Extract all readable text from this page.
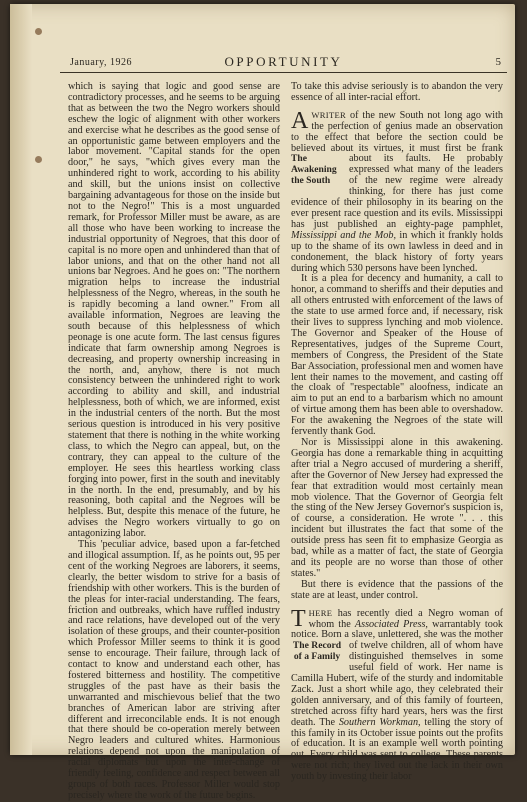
January, 1926	OPPORTUNITY	5

which is saying that logic and good sense are contradictory processes, and he seems to be arguing that as between the two the Negro workers should eschew the logic of alignment with other workers and exercise what he describes as the good sense of an opportunistic game between employers and the labor movement. "Capital stands for the open door," he says, "which gives every man the unhindered right to work, according to his ability and skill, but the unions insist on collective bargaining advantageous for those on the inside but not to the Negro!" This is a most unguarded remark, for Professor Miller must be aware, as are all those who have been working to increase the industrial opportunity of Negroes, that this door of capital is no more open and unhindered than that of labor unions, and that on the other hand not all unions bar Negroes. And he goes on: "The northern migration helps to increase the industrial helplessness of the Negro, whereas, in the south he is rapidly becoming a land owner." From all available information, Negroes are leaving the south because of this helplessness of which peonage is one acute form. The last census figures indicate that farm ownership among Negroes is decreasing, and property ownership increasing in the north, and, anyhow, there is not much consistency between the unhindered right to work according to ability and skill, and industrial helplessness, both of which, we are informed, exist in the industrial centers of the north. But the most serious question is introduced in his very positive statement that there is nothing in the white working class, to which the Negro can appeal, but, on the contrary, they can appeal to the culture of the employer. He sees this heartless working class forging into power, first in the south and inevitably in the north. In the end, presumably, and by his reasoning, both capital and the Negroes will be helpless. But, despite this menace of the future, he advises the Negro workers virtually to go on antagonizing labor.

This 'peculiar advice, based upon a far-fetched and illogical assumption. If, as he points out, 95 per cent of the working Negroes are laborers, it seems, clearly, the better wisdom to strive for a basis of friendship with other workers. This is the burden of the pleas for inter-racial understanding. The fears, friction and outbreaks, which have ruffled industry and race relations, have developed out of the very isolation of these groups, and their counter-position which Professor Miller seems to think it is good sense to encourage. Their failure, through lack of contact to know and understand each other, has fostered bitterness and hostility. The competitive struggles of the past have as their basis the unwarranted and mischievous belief that the two branches of American labor are striving after different and irreconcilable ends. It is not enough that there should be co-operation merely between Negro leaders and cultured whites. Harmonious relations depend not upon the manipulation of racial diplomats but upon the inter-change of friendly feeling, confidence and respect between all groups of both races. Professor Miller would stop precisely where the work of the future begins.

To take this advise seriously is to abandon the very essence of all inter-racial effort.

A WRITER of the new South not long ago with the perfection of genius made an observation to the effect that before the section could be believed about its virtues, it must first be frank about its faults.
The Awakening the South
He probably expressed what many of the leaders of the new regime were already thinking, for there has just come evidence of their philosophy in its bearing on the ever present race question and its evils. Mississippi has just published an eighty-page pamphlet, Mississippi and the Mob, in which it frankly holds up to the shame of its own lawless in deed and in condonement, the black history of forty years during which 530 persons have been lynched.

It is a plea for decency and humanity, a call to honor, a command to sheriffs and their deputies and all others entrusted with enforcement of the laws of the state to use armed force and, if necessary, risk their lives to suppress lynching and mob violence. The Governor and Speaker of the House of Representatives, judges of the Supreme Court, members of Congress, the President of the State Bar Association, professional men and women have lent their names to the movement, and casting off the cloak of "respectable" aloofness, indicate an aim to put an end to a barbarism which no amount of virtue among them has been able to overshadow. For the awakening the Negroes of the state will fervently thank God.

Nor is Mississippi alone in this awakening. Georgia has done a remarkable thing in acquitting after trial a Negro accused of murdering a sheriff, after the Governor of New Jersey had expressed the fear that extradition would most certainly mean mob violence. That the Governor of Georgia felt the sting of the New Jersey Governor's suspicion is, of course, a consideration. He wrote ". . . this incident but illustrates the fact that some of the outside press has seen fit to emphasize Georgia as bad, while as a matter of fact, the state of Georgia and its people are no worse than those of other states."

But there is evidence that the passions of the state are at least, under control.

T HERE has recently died a Negro woman of whom the Associated Press, warrantably took notice. Born a slave, unlettered, she was the mother of twelve children, all of
The Record of a Family
whom have distinguished themselves in some useful field of work. Her name is Camilla Hubert, wife of the sturdy and indomitable Zack. Just a short while ago, they celebrated their golden anniversary, and of this family of fourteen, stretched across fifty hard years, hers was the first death. The Southern Workman, telling the story of this family in its October issue points out the profits of education. It is an example well worth pointing out. Every child was sent to college. These parents were not rich; they lived out the lack in their own youth by investing their labor
